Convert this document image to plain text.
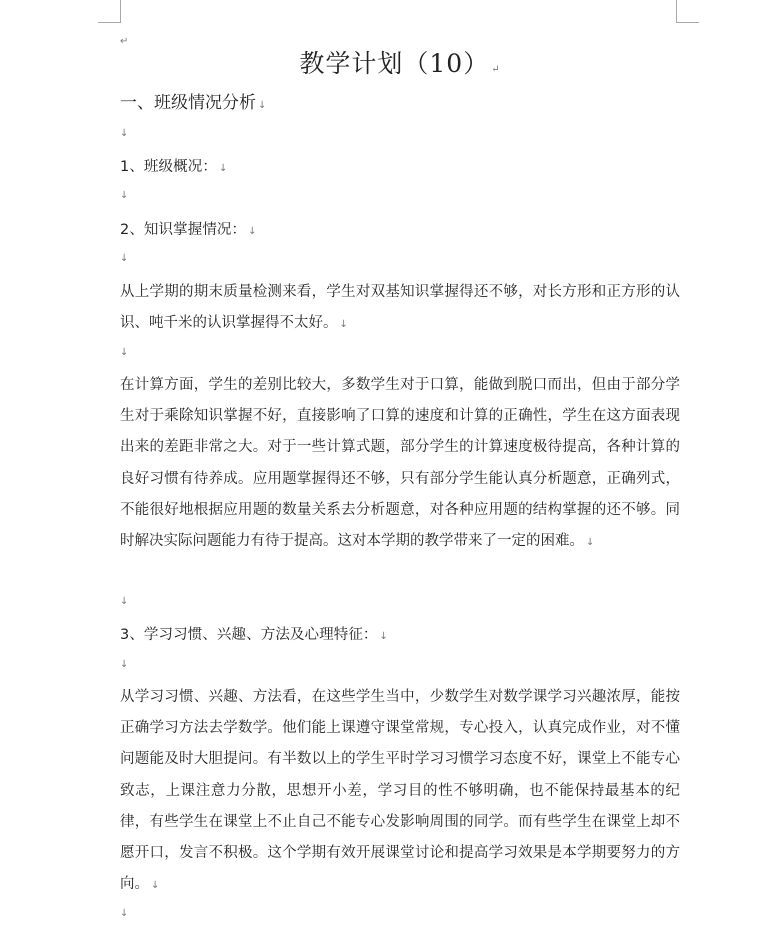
↵
教学计划（10） ↵
一、班级情况分析 ↓
↓
1、班级概况： ↓
↓
2、知识掌握情况： ↓
↓
从上学期的期末质量检测来看，学生对双基知识掌握得还不够，对长方形和正方形的认识、吨千米的认识掌握得不太好。 ↓
↓
在计算方面，学生的差别比较大，多数学生对于口算，能做到脱口而出，但由于部分学生对于乘除知识掌握不好，直接影响了口算的速度和计算的正确性，学生在这方面表现出来的差距非常之大。对于一些计算式题，部分学生的计算速度极待提高，各种计算的良好习惯有待养成。应用题掌握得还不够，只有部分学生能认真分析题意，正确列式，不能很好地根据应用题的数量关系去分析题意，对各种应用题的结构掌握的还不够。同时解决实际问题能力有待于提高。这对本学期的教学带来了一定的困难。 ↓
↓
3、学习习惯、兴趣、方法及心理特征： ↓
↓
从学习习惯、兴趣、方法看，在这些学生当中，少数学生对数学课学习兴趣浓厚，能按正确学习方法去学数学。他们能上课遵守课堂常规，专心投入，认真完成作业，对不懂问题能及时大胆提问。有半数以上的学生平时学习习惯学习态度不好，课堂上不能专心致志，上课注意力分散，思想开小差，学习目的性不够明确，也不能保持最基本的纪律，有些学生在课堂上不止自己不能专心发影响周围的同学。而有些学生在课堂上却不愿开口，发言不积极。这个学期有效开展课堂讨论和提高学习效果是本学期要努力的方向。 ↓
↓
